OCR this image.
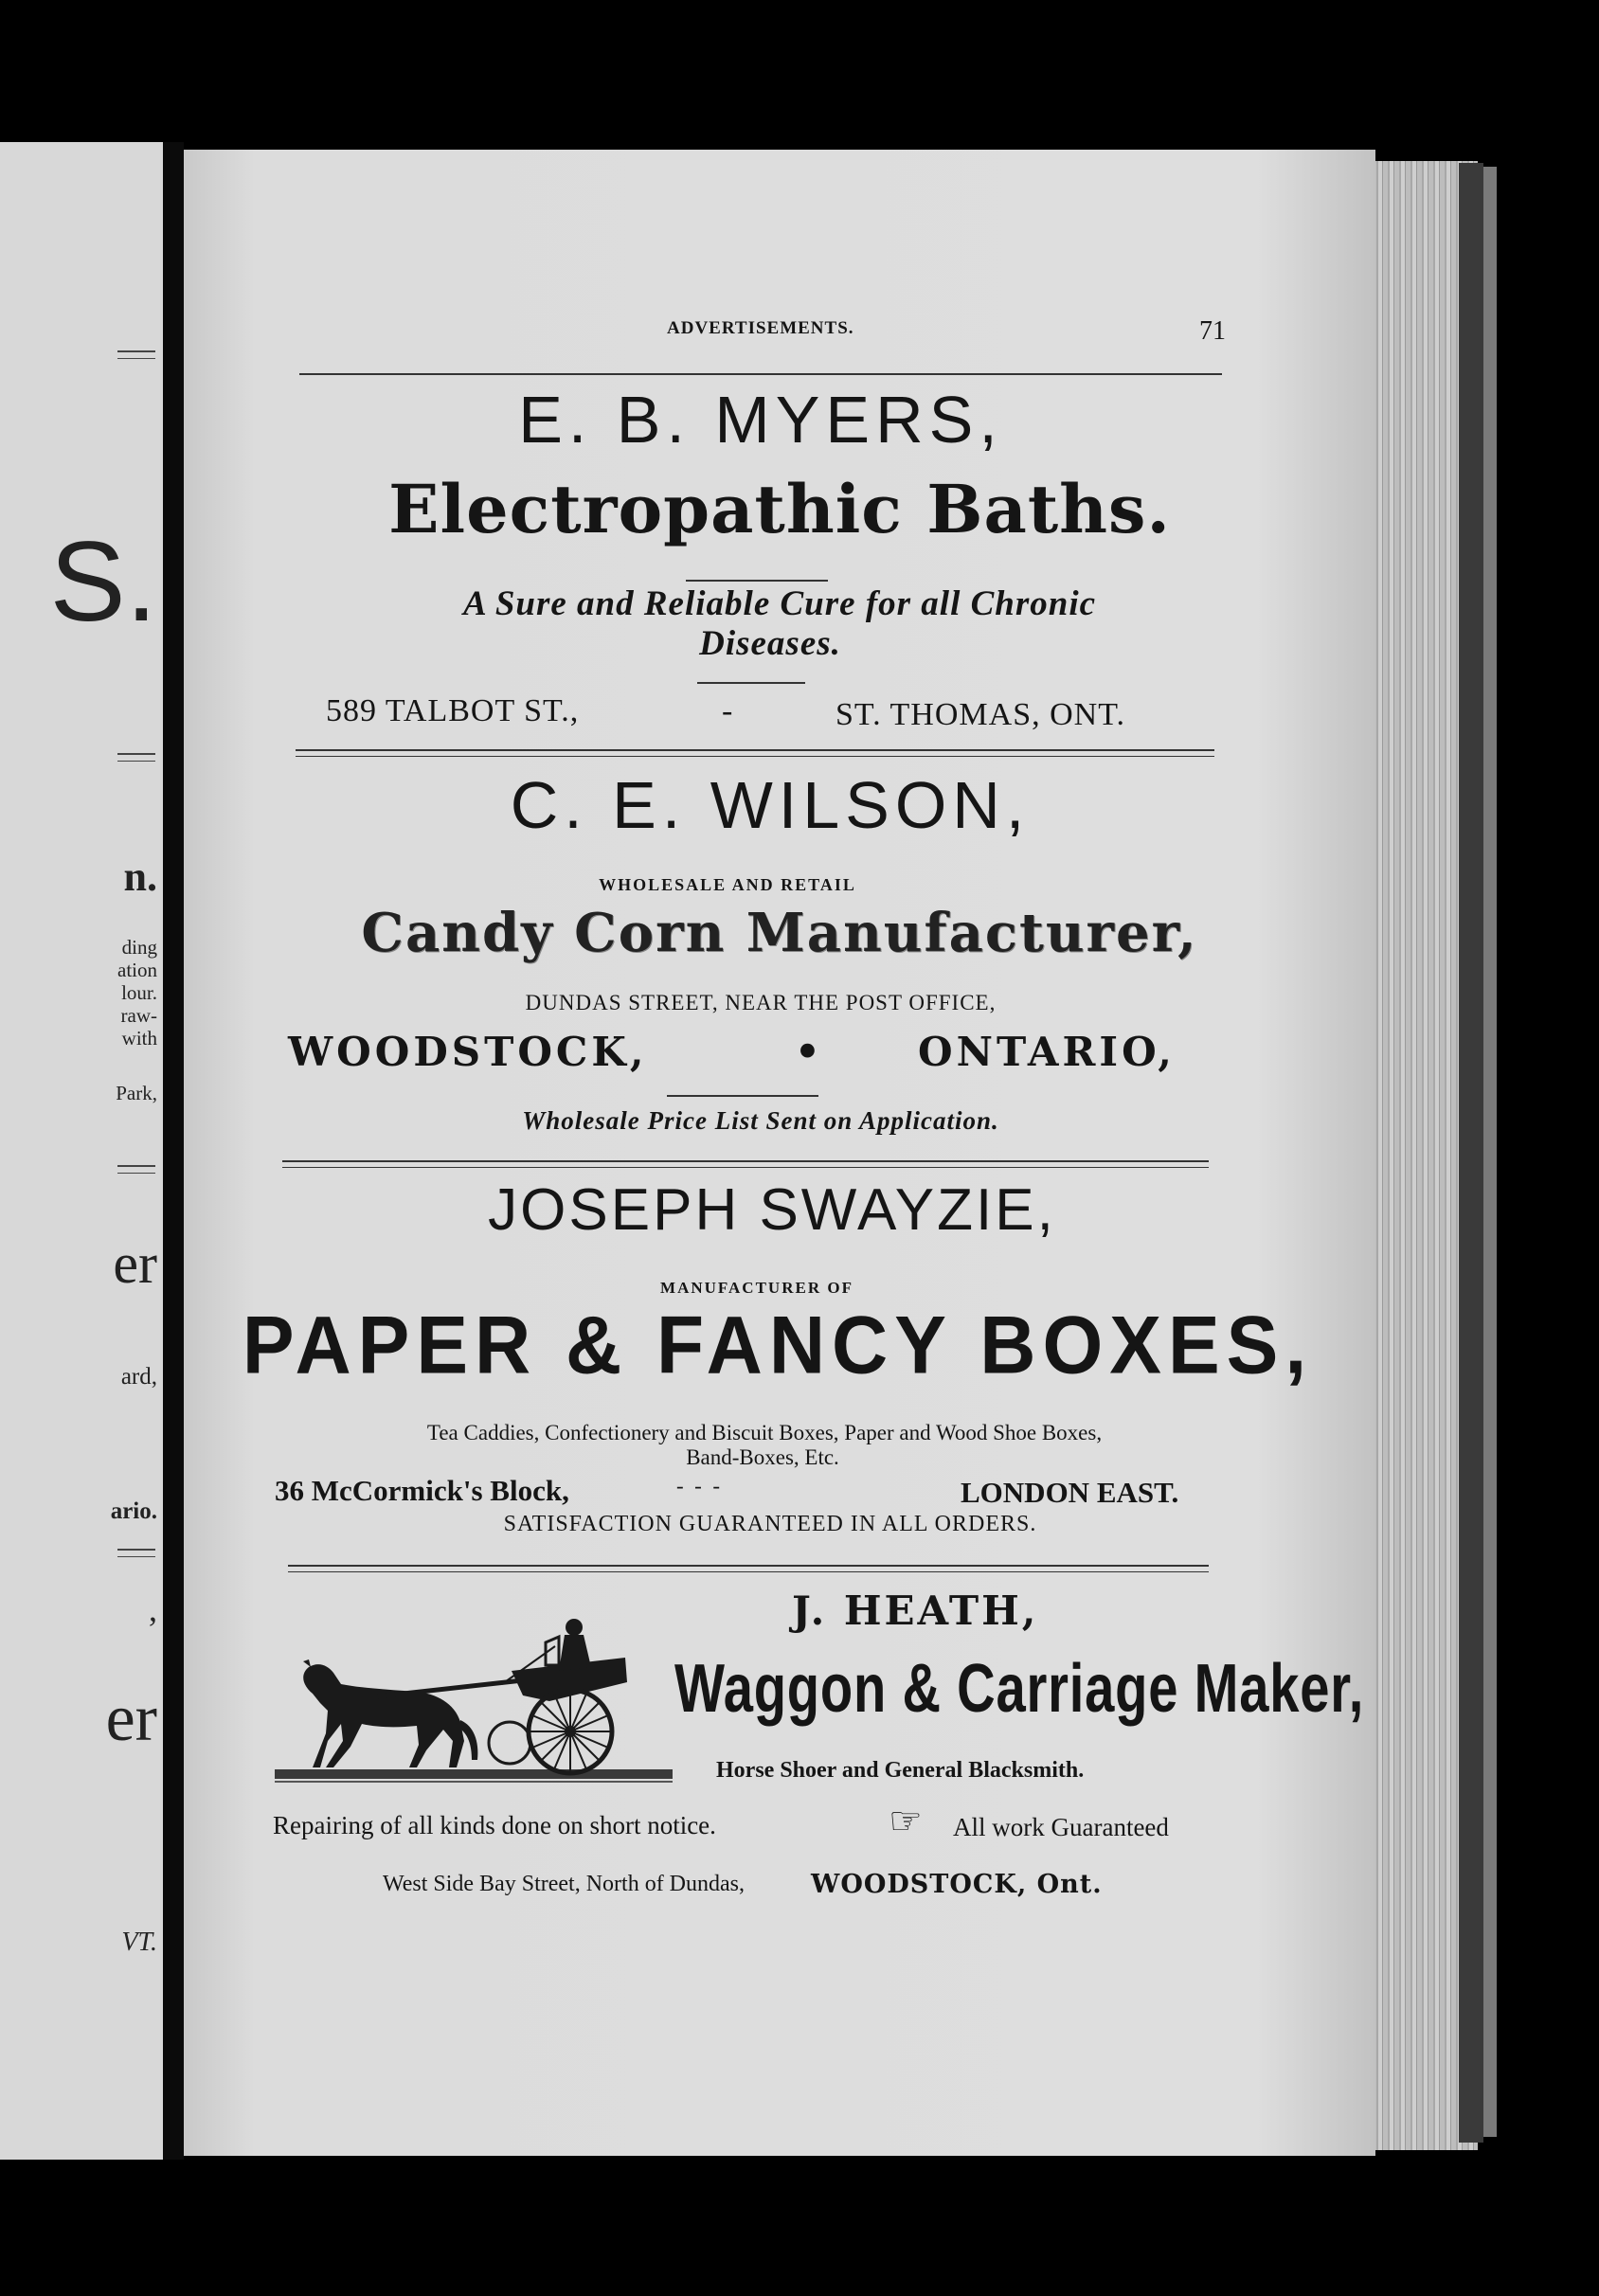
S.
n.
ding
ation
lour.
raw-
with
Park,
er
ard,
ario.
,
er
VT.
ADVERTISEMENTS.	71
E. B. MYERS,
Electropathic Baths.
A Sure and Reliable Cure for all Chronic
Diseases.
589 TALBOT ST.,	-	ST. THOMAS, ONT.
C. E. WILSON,
WHOLESALE AND RETAIL
Candy Corn Manufacturer,
DUNDAS STREET, NEAR THE POST OFFICE,
WOODSTOCK,	• ONTARIO,
Wholesale Price List Sent on Application.
JOSEPH SWAYZIE,
MANUFACTURER OF
PAPER & FANCY BOXES,
Tea Caddies, Confectionery and Biscuit Boxes, Paper and Wood Shoe Boxes,
Band-Boxes, Etc.
36 McCormick's Block,	-  -  -	LONDON EAST.
SATISFACTION GUARANTEED IN ALL ORDERS.
J. HEATH,
Waggon & Carriage Maker,
Horse Shoer and General Blacksmith.
Repairing of all kinds done on short notice.	☞ All work Guaranteed
West Side Bay Street, North of Dundas,	WOODSTOCK, Ont.
